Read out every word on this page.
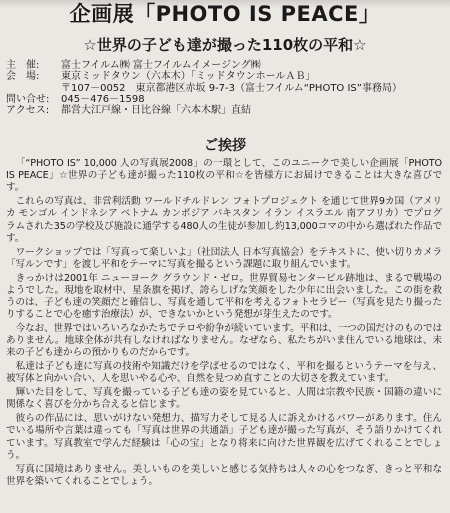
企画展「PHOTO IS PEACE」
☆世界の子ども達が撮った110枚の平和☆
主　催:	富士フイルム㈱ 富士フイルムイメージング㈱
会　場:	東京ミッドタウン（六本木）「ミッドタウンホールＡＢ」
〒107－0052　東京都港区赤坂 9-7-3（富士フイルム“PHOTO IS”事務局）
問い合せ:	045－476－1598
アクセス:	都営大江戸線・日比谷線「六本木駅」直結
ご挨拶

「“PHOTO IS” 10,000 人の写真展2008」の一環として、このユニークで美しい企画展「PHOTO IS PEACE」☆世界の子ども達が撮った110枚の平和☆を皆様方にお届けできることは大きな喜びです。

これらの写真は、非営利活動 ワールドチルドレン フォトプロジェクト を通じて世界9カ国（アメリカ モンゴル インドネシア ベトナム カンボジア パキスタン イラン イスラエル 南アフリカ）でプログラムされた35の学校及び施設に通学する480人の生徒が参加し約13,000コマの中から選ばれた作品です。

ワークショップでは「写真って楽しいよ」（社団法人 日本写真協会）をテキストに、使い切りカメラ「写ルンです」を渡し平和をテーマに写真を撮るという課題に取り組んでいます。

きっかけは2001年 ニューヨーク グラウンド・ゼロ。世界貿易センタービル跡地は、まるで戦場のようでした。現地を取材中、星条旗を掲げ、誇らしげな笑顔をした少年に出会いました。この街を救うのは、子ども達の笑顔だと確信し、写真を通して平和を考えるフォトセラピー（写真を見たり撮ったりすることで心を癒す治療法）が、できないかという発想が芽生えたのです。

今なお、世界ではいろいろなかたちでテロや紛争が続いています。平和は、一つの国だけのものではありません。地球全体が共有しなければなりません。なぜなら、私たちがいま住んでいる地球は、未来の子ども達からの預かりものだからです。

私達は子ども達に写真の技術や知識だけを学ばせるのではなく、平和を撮るというテーマを与え、被写体と向かい合い、人を思いやる心や、自然を見つめ直すことの大切さを教えています。

輝いた目をして、写真を撮っている子ども達の姿を見ていると、人間は宗教や民族・国籍の違いに関係なく喜びを分かち合えると信じます。

彼らの作品には、思いがけない発想力、描写力そして見る人に訴えかけるパワーがあります。住んでいる場所や言葉は違っても「写真は世界の共通語」子ども達が撮った写真が、そう語りかけてくれています。写真教室で学んだ経験は「心の宝」となり将来に向けた世界観を広げてくれることでしょう。

写真に国境はありません。美しいものを美しいと感じる気持ちは人々の心をつなぎ、きっと平和な世界を築いてくれることでしょう。
